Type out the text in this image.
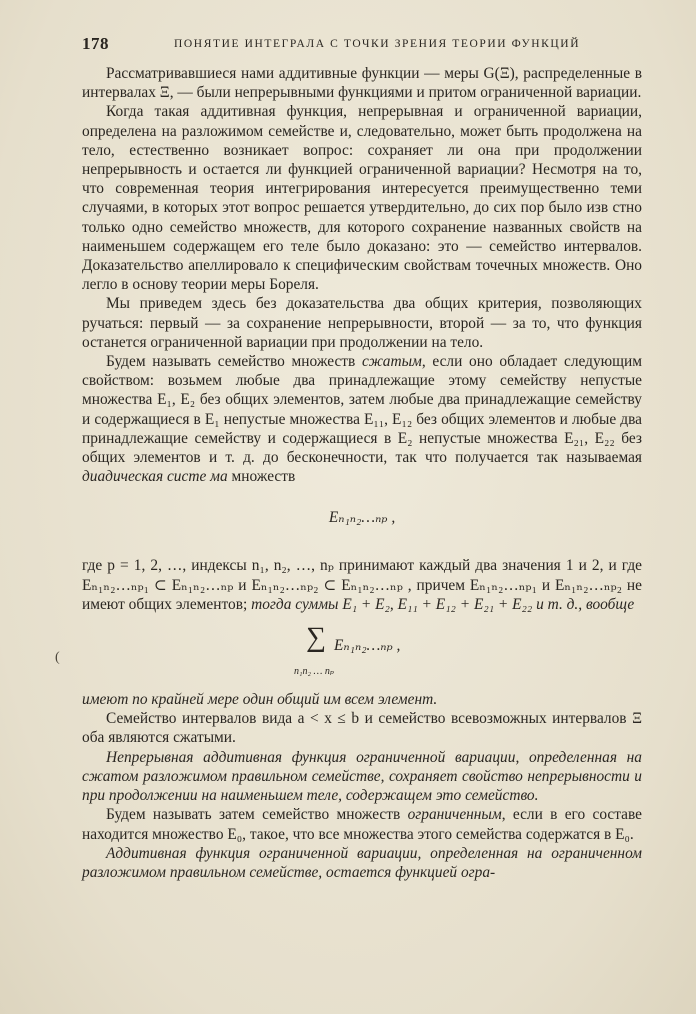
178	ПОНЯТИЕ ИНТЕГРАЛА С ТОЧКИ ЗРЕНИЯ ТЕОРИИ ФУНКЦИЙ
(

Рассматривавшиеся нами аддитивные функции — меры G(Ξ), распределенные в интервалах Ξ, — были непрерывными функциями и притом ограниченной вариации.

Когда такая аддитивная функция, непрерывная и ограниченной вариации, определена на разложимом семействе и, следовательно, может быть продолжена на тело, естественно возникает вопрос: сохраняет ли она при продолжении непрерывность и остается ли функцией ограниченной вариации? Несмотря на то, что современная теория интегрирования интересуется преимущественно теми случаями, в которых этот вопрос решается утвердительно, до сих пор было изв стно только одно семейство множеств, для которого сохранение названных свойств на наименьшем содержащем его теле было доказано: это — семейство интервалов. Доказательство апеллировало к специфическим свойствам точечных множеств. Оно легло в основу теории меры Бореля.

Мы приведем здесь без доказательства два общих критерия, позволяющих ручаться: первый — за сохранение непрерывности, второй — за то, что функция останется ограниченной вариации при продолжении на тело.

Будем называть семейство множеств сжатым, если оно обладает следующим свойством: возьмем любые два принадлежащие этому семейству непустые множества E₁, E₂ без общих элементов, затем любые два принадлежащие семейству и содержащиеся в E₁ непустые множества E₁₁, E₁₂ без общих элементов и любые два принадлежащие семейству и содержащиеся в E₂ непустые множества E₂₁, E₂₂ без общих элементов и т. д. до бесконечности, так что получается так называемая диадическая систе ма множеств

Eₙ₁ₙ₂…ₙₚ ,

где p = 1, 2, …, индексы n₁, n₂, …, nₚ принимают каждый два значения 1 и 2, и где Eₙ₁ₙ₂…ₙₚ₁ ⊂ Eₙ₁ₙ₂…ₙₚ и Eₙ₁ₙ₂…ₙₚ₂ ⊂ Eₙ₁ₙ₂…ₙₚ , причем Eₙ₁ₙ₂…ₙₚ₁ и Eₙ₁ₙ₂…ₙₚ₂ не имеют общих элементов; тогда суммы E₁ + E₂, E₁₁ + E₁₂ + E₂₁ + E₂₂ и т. д., вообще

∑ Eₙ₁ₙ₂…ₙₚ ,
n₁n₂ … nₚ

имеют по крайней мере один общий им всем элемент.

Семейство интервалов вида a < x ≤ b и семейство всевозможных интервалов Ξ оба являются сжатыми.

Непрерывная аддитивная функция ограниченной вариации, определенная на сжатом разложимом правильном семействе, сохраняет свойство непрерывности и при продолжении на наименьшем теле, содержащем это семейство.

Будем называть затем семейство множеств ограниченным, если в его составе находится множество E₀, такое, что все множества этого семейства содержатся в E₀.

Аддитивная функция ограниченной вариации, определенная на ограниченном разложимом правильном семействе, остается функцией огра-
